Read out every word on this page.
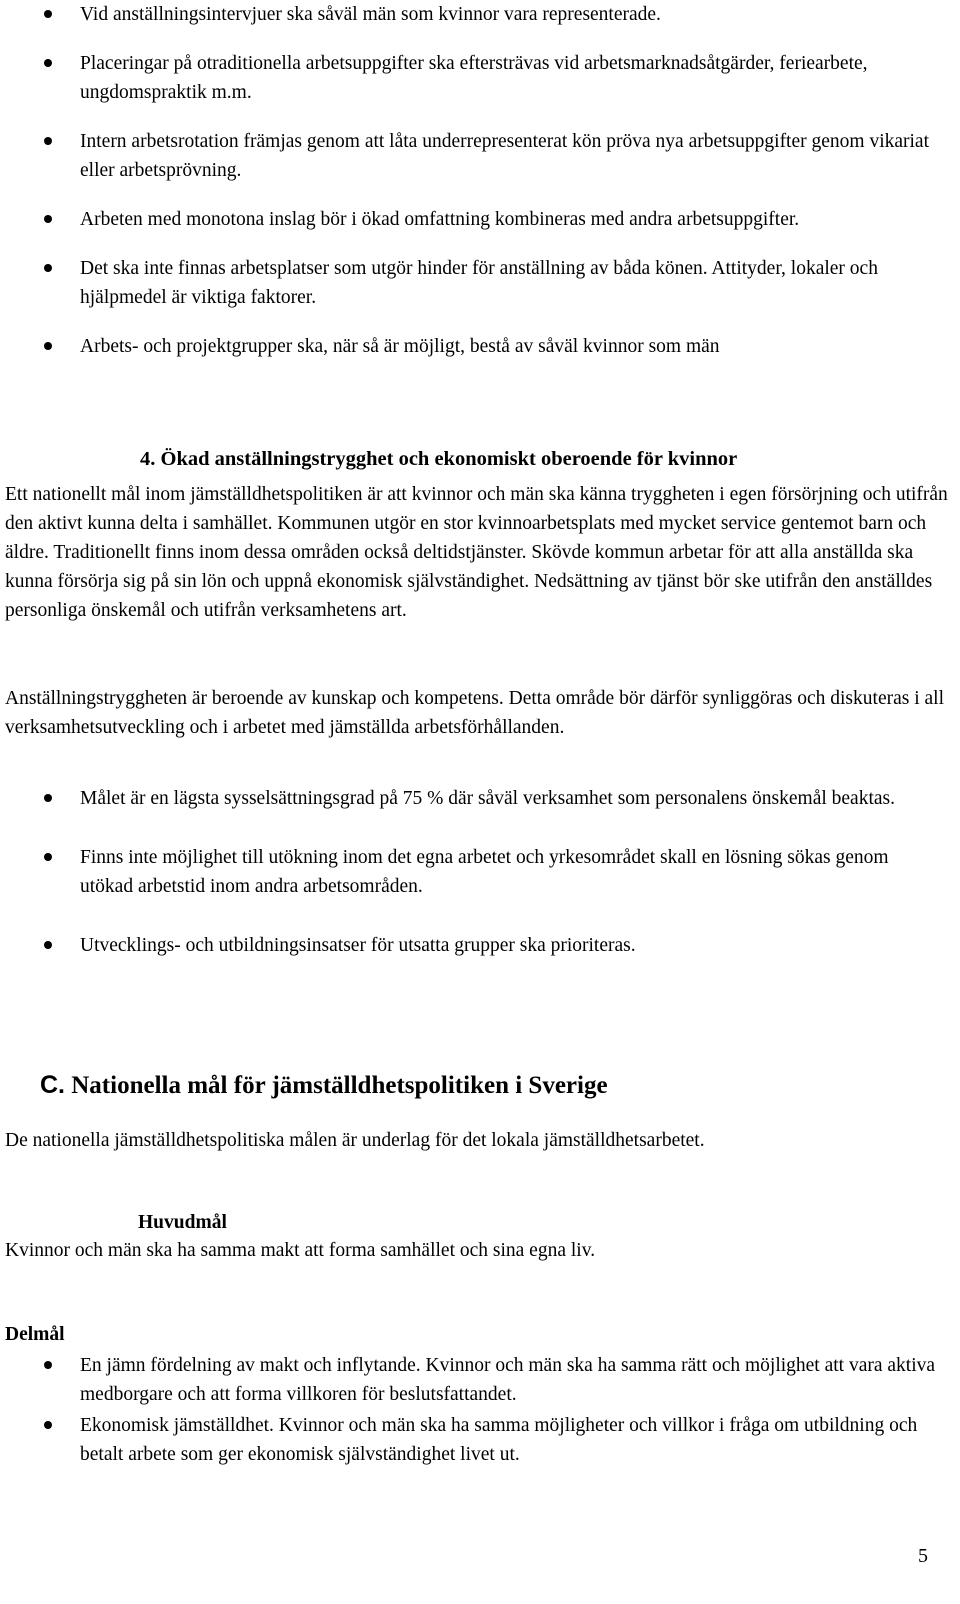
Vid anställningsintervjuer ska såväl män som kvinnor vara representerade.
Placeringar på otraditionella arbetsuppgifter ska eftersträvas vid arbetsmarknadsåtgärder, feriearbete, ungdomspraktik m.m.
Intern arbetsrotation främjas genom att låta underrepresenterat kön pröva nya arbetsuppgifter genom vikariat eller arbetsprövning.
Arbeten med monotona inslag bör i ökad omfattning kombineras med andra arbetsuppgifter.
Det ska inte finnas arbetsplatser som utgör hinder för anställning av båda könen. Attityder, lokaler och hjälpmedel är viktiga faktorer.
Arbets- och projektgrupper ska, när så är möjligt, bestå av såväl kvinnor som män
4. Ökad anställningstrygghet och ekonomiskt oberoende för kvinnor

Ett nationellt mål inom jämställdhetspolitiken är att kvinnor och män ska känna tryggheten i egen försörjning och utifrån den aktivt kunna delta i samhället. Kommunen utgör en stor kvinnoarbetsplats med mycket service gentemot barn och äldre. Traditionellt finns inom dessa områden också deltidstjänster. Skövde kommun arbetar för att alla anställda ska kunna försörja sig på sin lön och uppnå ekonomisk självständighet. Nedsättning av tjänst bör ske utifrån den anställdes personliga önskemål och utifrån verksamhetens art.

Anställningstryggheten är beroende av kunskap och kompetens. Detta område bör därför synliggöras och diskuteras i all verksamhetsutveckling och i arbetet med jämställda arbetsförhållanden.

Målet är en lägsta sysselsättningsgrad på 75 % där såväl verksamhet som personalens önskemål beaktas.
Finns inte möjlighet till utökning inom det egna arbetet och yrkesområdet skall en lösning sökas genom utökad arbetstid inom andra arbetsområden.
Utvecklings- och utbildningsinsatser för utsatta grupper ska prioriteras.
C. Nationella mål för jämställdhetspolitiken i Sverige

De nationella jämställdhetspolitiska målen är underlag för det lokala jämställdhetsarbetet.

Huvudmål

Kvinnor och män ska ha samma makt att forma samhället och sina egna liv.

Delmål
En jämn fördelning av makt och inflytande. Kvinnor och män ska ha samma rätt och möjlighet att vara aktiva medborgare och att forma villkoren för beslutsfattandet.
Ekonomisk jämställdhet. Kvinnor och män ska ha samma möjligheter och villkor i fråga om utbildning och betalt arbete som ger ekonomisk självständighet livet ut.
5
